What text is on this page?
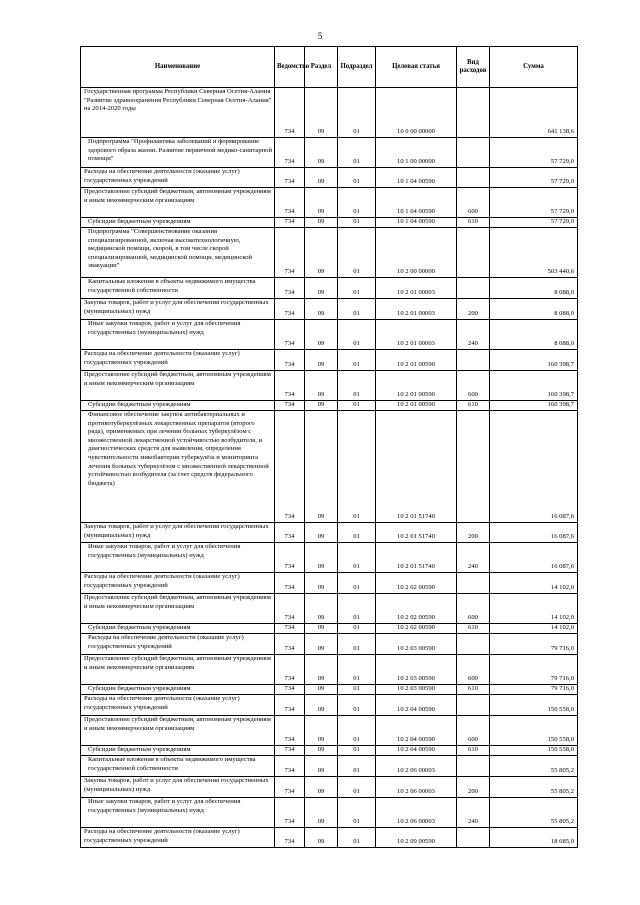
5
Наименование	Ведомство	Раздел	Подраздел	Целевая статья	Вид расходов	Сумма
Государственная программа Республики Северная Осетия-Алания "Развитие здравоохранения Республики Северная Осетия-Алания" на 2014-2020 годы	734	09	01	10 0 00 00000		641 138,6
Подпрограмма "Профилактика заболеваний и формирование здорового образа жизни. Развитие первичной медико-санитарной помощи"	734	09	01	10 1 00 00000		57 729,0
Расходы на обеспечение деятельности (оказание услуг) государственных учреждений	734	09	01	10 1 04 00590		57 729,0
Предоставление субсидий бюджетным, автономным учреждениям и иным некоммерческим организациям	734	09	01	10 1 04 00590	600	57 729,0
Субсидии бюджетным учреждениям	734	09	01	10 1 04 00590	610	57 729,0
Подпрограмма "Совершенствование оказания специализированной, включая высокотехнологичную, медицинской помощи, скорой, в том числе скорой специализированной, медицинской помощи, медицинской эвакуации"	734	09	01	10 2 00 00000		503 440,6
Капитальные вложения в объекты недвижимого имущества государственной собственности	734	09	01	10 2 01 00003		8 088,0
Закупка товаров, работ и услуг для обеспечения государственных (муниципальных) нужд	734	09	01	10 2 01 00003	200	8 088,0
Иные закупки товаров, работ и услуг для обеспечения государственных (муниципальных) нужд	734	09	01	10 2 01 00003	240	8 088,0
Расходы на обеспечение деятельности (оказание услуг) государственных учреждений	734	09	01	10 2 01 00590		160 398,7
Предоставление субсидий бюджетным, автономным учреждениям и иным некоммерческим организациям	734	09	01	10 2 01 00590	600	160 398,7
Субсидии бюджетным учреждениям	734	09	01	10 2 01 00590	610	160 398,7
Финансовое обеспечение закупок антибактериальных и противотуберкулёзных лекарственных препаратов (второго ряда), применяемых при лечении больных туберкулёзом с множественной лекарственной устойчивостью возбудителя, и диагностических средств для выявления, определения чувствительности микобактерии туберкулёза и мониторинга лечения больных туберкулёзом с множественной лекарственной устойчивостью возбудителя (за счет средств федерального бюджета)	734	09	01	10 2 01 51740		16 087,6
Закупка товаров, работ и услуг для обеспечения государственных (муниципальных) нужд	734	09	01	10 2 01 51740	200	16 087,6
Иные закупки товаров, работ и услуг для обеспечения государственных (муниципальных) нужд	734	09	01	10 2 01 51740	240	16 087,6
Расходы на обеспечение деятельности (оказание услуг) государственных учреждений	734	09	01	10 2 02 00590		14 102,0
Предоставление субсидий бюджетным, автономным учреждениям и иным некоммерческим организациям	734	09	01	10 2 02 00590	600	14 102,0
Субсидии бюджетным учреждениям	734	09	01	10 2 02 00590	610	14 102,0
Расходы на обеспечение деятельности (оказание услуг) государственных учреждений	734	09	01	10 2 03 00590		79 716,0
Предоставление субсидий бюджетным, автономным учреждениям и иным некоммерческим организациям	734	09	01	10 2 03 00590	600	79 716,0
Субсидии бюджетным учреждениям	734	09	01	10 2 03 00590	610	79 716,0
Расходы на обеспечение деятельности (оказание услуг) государственных учреждений	734	09	01	10 2 04 00590		150 558,0
Предоставление субсидий бюджетным, автономным учреждениям и иным некоммерческим организациям	734	09	01	10 2 04 00590	600	150 558,0
Субсидии бюджетным учреждениям	734	09	01	10 2 04 00590	610	150 558,0
Капитальные вложения в объекты недвижимого имущества государственной собственности	734	09	01	10 2 06 00003		55 805,2
Закупка товаров, работ и услуг для обеспечения государственных (муниципальных) нужд	734	09	01	10 2 06 00003	200	55 805,2
Иные закупки товаров, работ и услуг для обеспечения государственных (муниципальных) нужд	734	09	01	10 2 06 00003	240	55 805,2
Расходы на обеспечение деятельности (оказание услуг) государственных учреждений	734	09	01	10 2 09 00590		18 685,0
